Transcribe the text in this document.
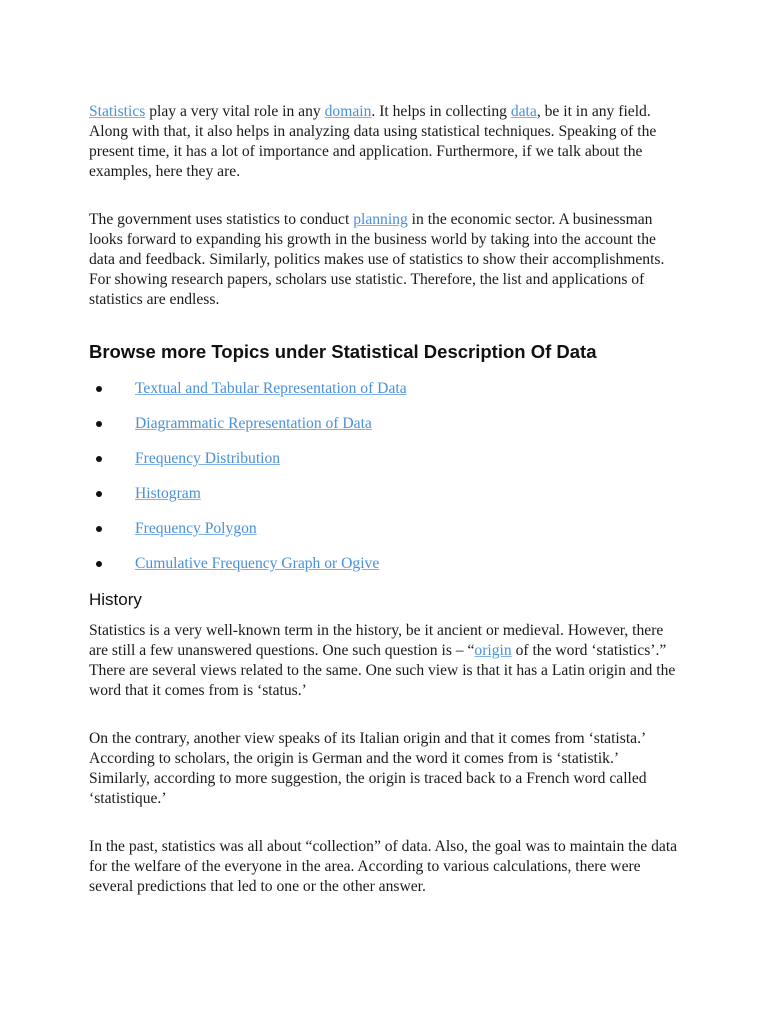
Statistics play a very vital role in any domain. It helps in collecting data, be it in any field. Along with that, it also helps in analyzing data using statistical techniques. Speaking of the present time, it has a lot of importance and application. Furthermore, if we talk about the examples, here they are.

The government uses statistics to conduct planning in the economic sector. A businessman looks forward to expanding his growth in the business world by taking into the account the data and feedback. Similarly, politics makes use of statistics to show their accomplishments. For showing research papers, scholars use statistic. Therefore, the list and applications of statistics are endless.

Browse more Topics under Statistical Description Of Data
Textual and Tabular Representation of Data
Diagrammatic Representation of Data
Frequency Distribution
Histogram
Frequency Polygon
Cumulative Frequency Graph or Ogive
History

Statistics is a very well-known term in the history, be it ancient or medieval. However, there are still a few unanswered questions. One such question is – “origin of the word ‘statistics’.” There are several views related to the same. One such view is that it has a Latin origin and the word that it comes from is ‘status.’

On the contrary, another view speaks of its Italian origin and that it comes from ‘statista.’ According to scholars, the origin is German and the word it comes from is ‘statistik.’ Similarly, according to more suggestion, the origin is traced back to a French word called ‘statistique.’

In the past, statistics was all about “collection” of data. Also, the goal was to maintain the data for the welfare of the everyone in the area. According to various calculations, there were several predictions that led to one or the other answer.
